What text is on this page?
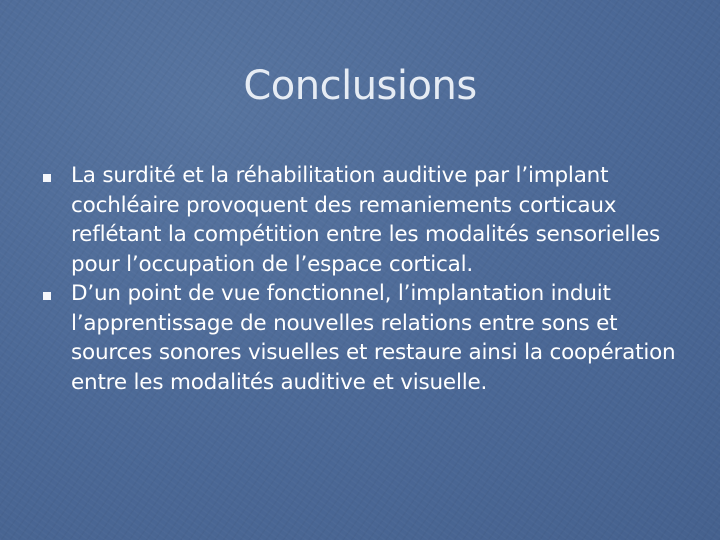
Conclusions
La surdité et la réhabilitation auditive par l’implant cochléaire provoquent des remaniements corticaux reflétant la compétition entre les modalités sensorielles pour l’occupation de l’espace cortical.
D’un point de vue fonctionnel, l’implantation induit l’apprentissage de nouvelles relations entre sons et sources sonores visuelles et restaure ainsi la coopération entre les modalités auditive et visuelle.
